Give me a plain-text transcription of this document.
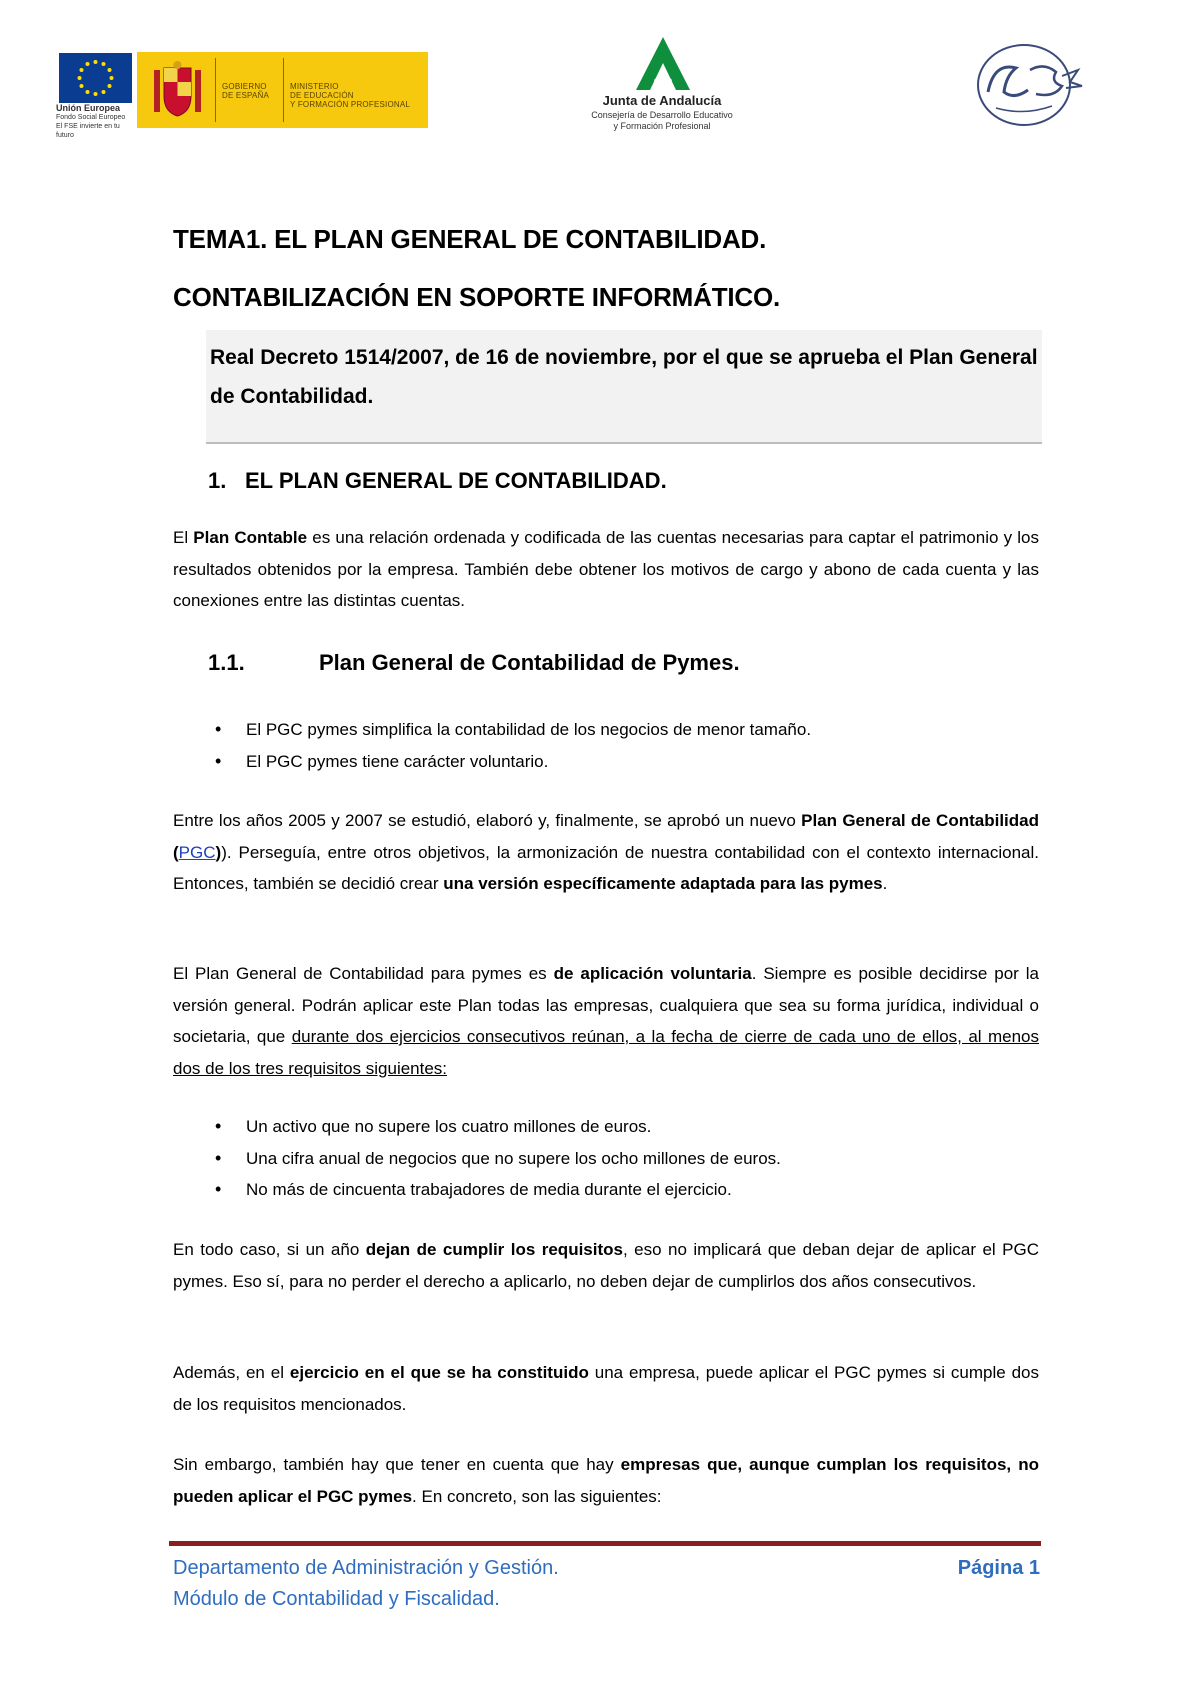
Unión Europea
Fondo Social Europeo
El FSE invierte en tu futuro
GOBIERNO
DE ESPAÑA
MINISTERIO
DE EDUCACIÓN
Y FORMACIÓN PROFESIONAL	Junta de Andalucía
Consejería de Desarrollo Educativo
y Formación Profesional
TEMA1. EL PLAN GENERAL DE CONTABILIDAD.
CONTABILIZACIÓN EN SOPORTE INFORMÁTICO.
Real Decreto 1514/2007, de 16 de noviembre, por el que se aprueba el Plan General de Contabilidad.
1. EL PLAN GENERAL DE CONTABILIDAD.

El Plan Contable es una relación ordenada y codificada de las cuentas necesarias para captar el patrimonio y los resultados obtenidos por la empresa. También debe obtener los motivos de cargo y abono de cada cuenta y las conexiones entre las distintas cuentas.

1.1.	Plan General de Contabilidad de Pymes.
• El PGC pymes simplifica la contabilidad de los negocios de menor tamaño.
• El PGC pymes tiene carácter voluntario.

Entre los años 2005 y 2007 se estudió, elaboró y, finalmente, se aprobó un nuevo Plan General de Contabilidad (PGC)). Perseguía, entre otros objetivos, la armonización de nuestra contabilidad con el contexto internacional. Entonces, también se decidió crear una versión específicamente adaptada para las pymes.

El Plan General de Contabilidad para pymes es de aplicación voluntaria. Siempre es posible decidirse por la versión general. Podrán aplicar este Plan todas las empresas, cualquiera que sea su forma jurídica, individual o societaria, que durante dos ejercicios consecutivos reúnan, a la fecha de cierre de cada uno de ellos, al menos dos de los tres requisitos siguientes:

• Un activo que no supere los cuatro millones de euros.
• Una cifra anual de negocios que no supere los ocho millones de euros.
• No más de cincuenta trabajadores de media durante el ejercicio.

En todo caso, si un año dejan de cumplir los requisitos, eso no implicará que deban dejar de aplicar el PGC pymes. Eso sí, para no perder el derecho a aplicarlo, no deben dejar de cumplirlos dos años consecutivos.

Además, en el ejercicio en el que se ha constituido una empresa, puede aplicar el PGC pymes si cumple dos de los requisitos mencionados.

Sin embargo, también hay que tener en cuenta que hay empresas que, aunque cumplan los requisitos, no pueden aplicar el PGC pymes. En concreto, son las siguientes:

Departamento de Administración y Gestión.
Módulo de Contabilidad y Fiscalidad.
Página 1
